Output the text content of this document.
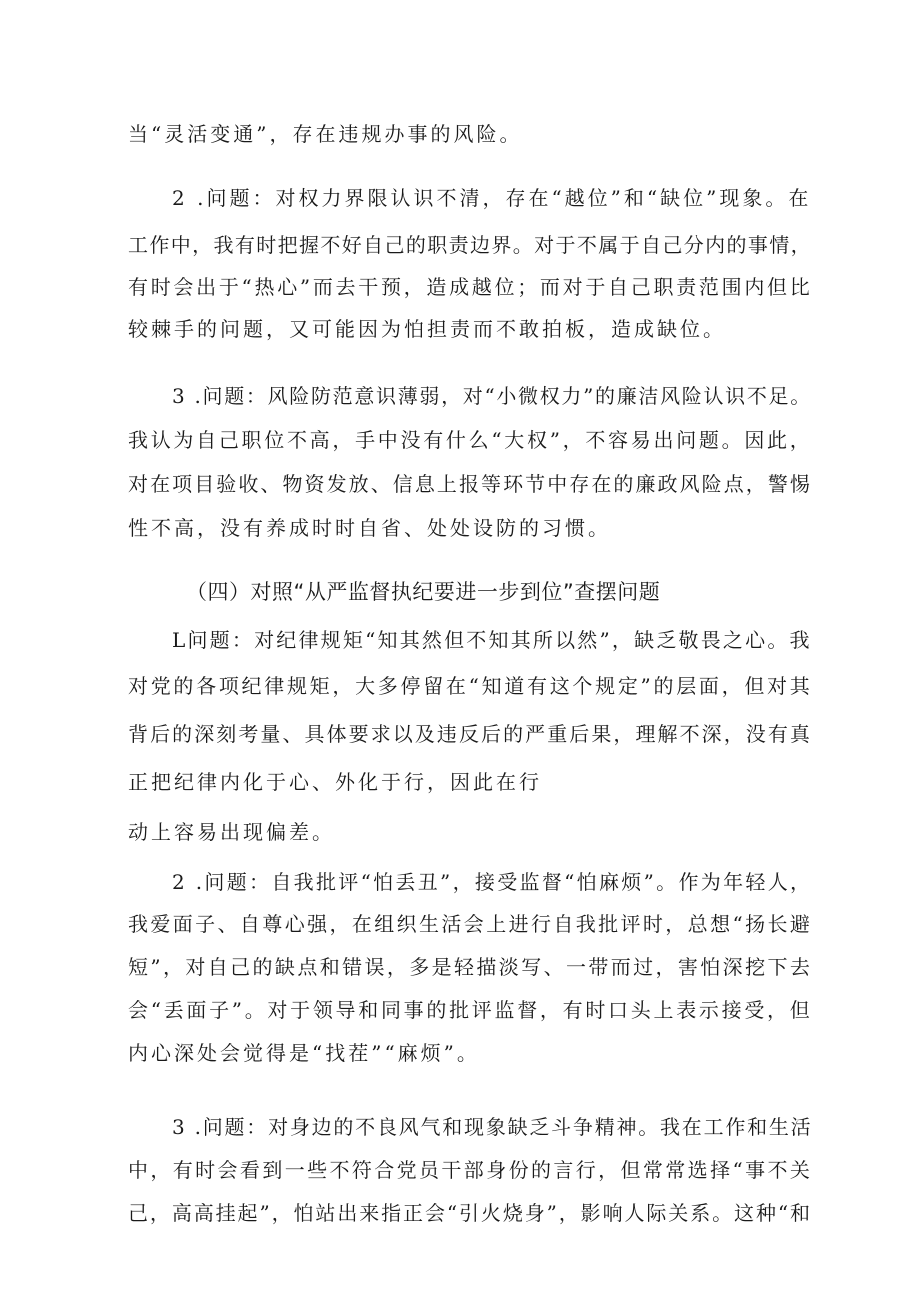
当“灵活变通”，存在违规办事的风险。
2 .问题：对权力界限认识不清，存在“越位”和“缺位”现象。在
工作中，我有时把握不好自己的职责边界。对于不属于自己分内的事情，
有时会出于“热心”而去干预，造成越位；而对于自己职责范围内但比
较棘手的问题，又可能因为怕担责而不敢拍板，造成缺位。
3 .问题：风险防范意识薄弱，对“小微权力”的廉洁风险认识不足。
我认为自己职位不高，手中没有什么“大权”，不容易出问题。因此，
对在项目验收、物资发放、信息上报等环节中存在的廉政风险点，警惕
性不高，没有养成时时自省、处处设防的习惯。
（四）对照“从严监督执纪要进一步到位”查摆问题
L问题：对纪律规矩“知其然但不知其所以然”，缺乏敬畏之心。我
对党的各项纪律规矩，大多停留在“知道有这个规定”的层面，但对其
背后的深刻考量、具体要求以及违反后的严重后果，理解不深，没有真
正把纪律内化于心、外化于行，因此在行
动上容易出现偏差。
2 .问题：自我批评“怕丢丑”，接受监督“怕麻烦”。作为年轻人，
我爱面子、自尊心强，在组织生活会上进行自我批评时，总想“扬长避
短”，对自己的缺点和错误，多是轻描淡写、一带而过，害怕深挖下去
会“丢面子”。对于领导和同事的批评监督，有时口头上表示接受，但
内心深处会觉得是“找茬”“麻烦”。
3 .问题：对身边的不良风气和现象缺乏斗争精神。我在工作和生活
中，有时会看到一些不符合党员干部身份的言行，但常常选择“事不关
己，高高挂起”，怕站出来指正会“引火烧身”，影响人际关系。这种“和
